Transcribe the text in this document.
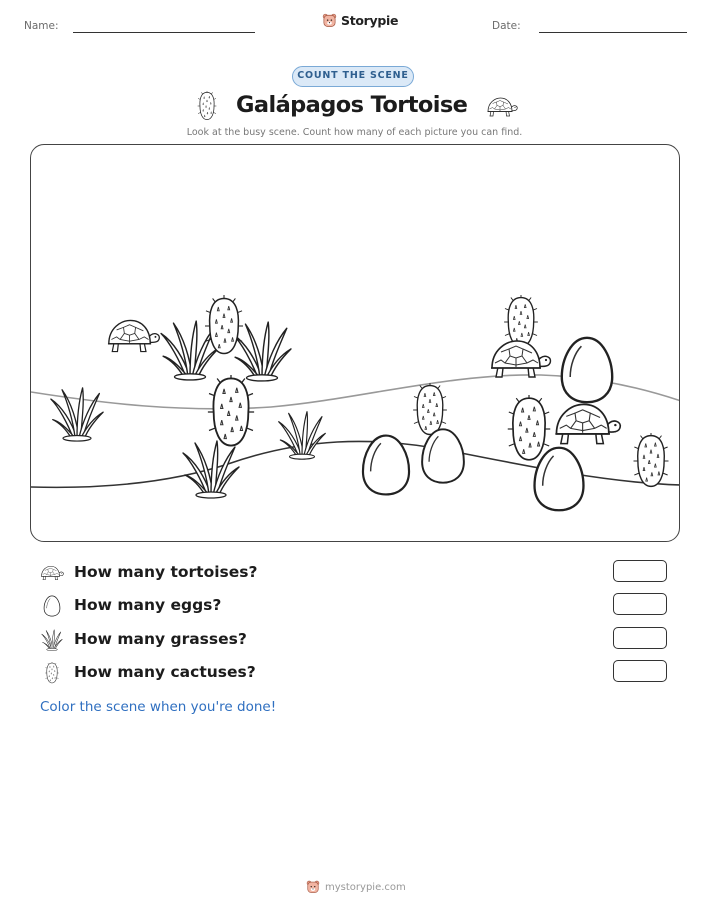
Name:	Storypie	Date:
COUNT THE SCENE
Galápagos Tortoise
Look at the busy scene. Count how many of each picture you can find.
How many tortoises?
How many eggs?
How many grasses?
How many cactuses?
Color the scene when you're done!
mystorypie.com
